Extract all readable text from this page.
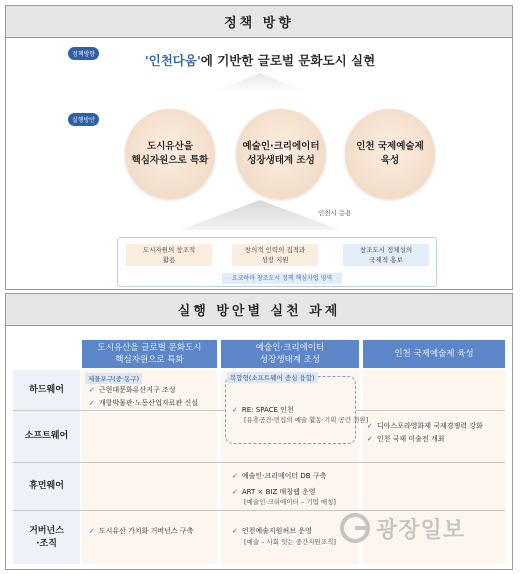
정책 방향
정책방향	'인천다움'에 기반한 글로벌 문화도시 실현
실행방안
도시유산을
핵심자원으로 특화
예술인·크리에이터
성장생태계 조성
인천 국제예술제
육성
인천시 응용
도시자원의 창조적
활용
창의적 인력의 집적과
성장 지원
창조도시 정체성의
국제적 홍보
요코하마 창조도시 정책 핵심사업 영역
실행 방안별 실천 과제
도시유산을 글로벌 문화도시
핵심자원으로 특화
예술인·크리에이터
성장생태계 조성
인천 국제예술제 육성
하드웨어
소프트웨어
휴먼웨어
거버넌스
·조직
제물포구(중·동구)
✓ 근현대문화유산지구 조성
✓ 개항박물관·노동산업자료관 신설
복합형(소프트웨어 중심 융합)
✓ RE: SPACE 인천
[유휴공간·빈집의 예술 활동·기획 공간 전환]
✓ 디아스포라영화제 국제경쟁력 강화
✓ 인천 국제 미술전 개최
✓ 예술인·크리에이터 DB 구축
✓ ART × BIZ 매칭랩 운영
[예술인·크리에이터 – 기업 매칭]
✓ 도시유산 가치화 거버넌스 구축	✓ 인천예술지원허브 운영
[예술 – 사회 잇는 중간지원조직] 광장일보
